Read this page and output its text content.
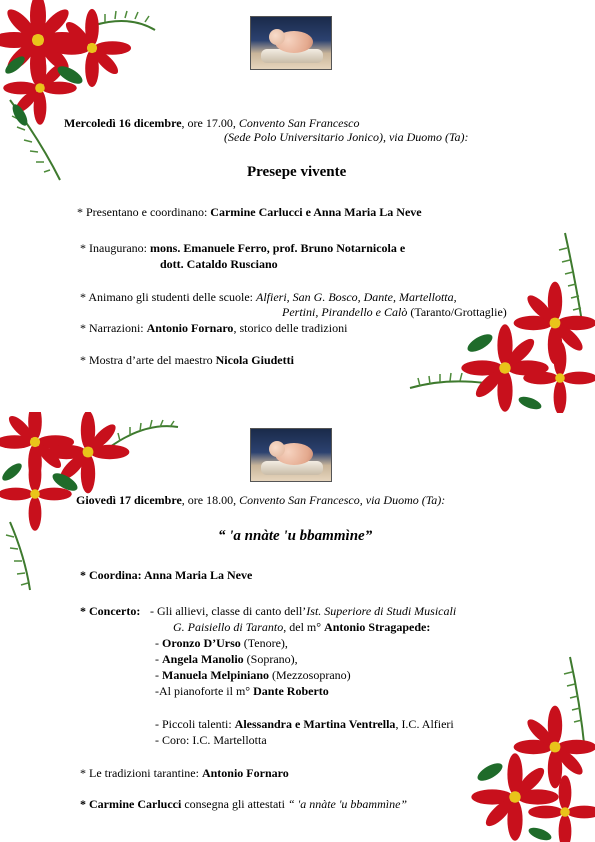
Mercoledì 16 dicembre, ore 17.00, Convento San Francesco
(Sede Polo Universitario Jonico), via Duomo (Ta):
Presepe vivente
* Presentano e coordinano: Carmine Carlucci e Anna Maria La Neve
* Inaugurano: mons. Emanuele Ferro, prof. Bruno Notarnicola e
dott. Cataldo Rusciano
* Animano gli studenti delle scuole: Alfieri, San G. Bosco, Dante, Martellotta,
Pertini, Pirandello e Calò (Taranto/Grottaglie)
* Narrazioni: Antonio Fornaro, storico delle tradizioni
* Mostra d’arte del maestro Nicola Giudetti
Giovedì 17 dicembre, ore 18.00, Convento San Francesco, via Duomo (Ta):
“ 'a nnàte 'u bbammìne”
* Coordina: Anna Maria La Neve
* Concerto: - Gli allievi, classe di canto dell’Ist. Superiore di Studi Musicali
G. Paisiello di Taranto, del m° Antonio Stragapede:
- Oronzo D’Urso (Tenore),
- Angela Manolio (Soprano),
- Manuela Melpiniano (Mezzosoprano)
-Al pianoforte il m° Dante Roberto
- Piccoli talenti: Alessandra e Martina Ventrella, I.C. Alfieri
- Coro: I.C. Martellotta
* Le tradizioni tarantine: Antonio Fornaro
* Carmine Carlucci consegna gli attestati “ 'a nnàte 'u bbammìne”
